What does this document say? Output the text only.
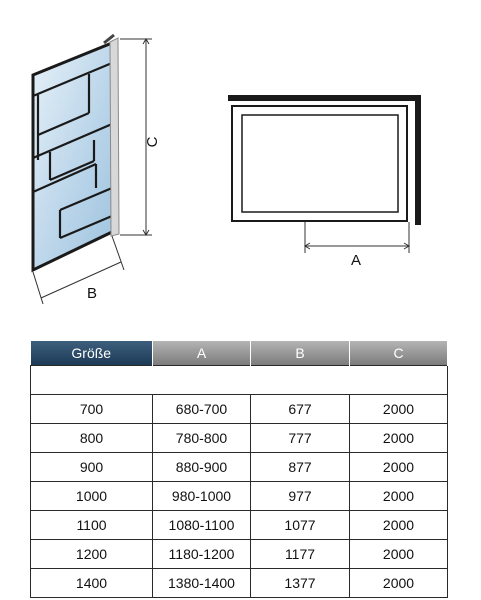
C
B
A
Größe	A	B	C

700	680-700	677	2000
800	780-800	777	2000
900	880-900	877	2000
1000	980-1000	977	2000
1100	1080-1100	1077	2000
1200	1180-1200	1177	2000
1400	1380-1400	1377	2000
